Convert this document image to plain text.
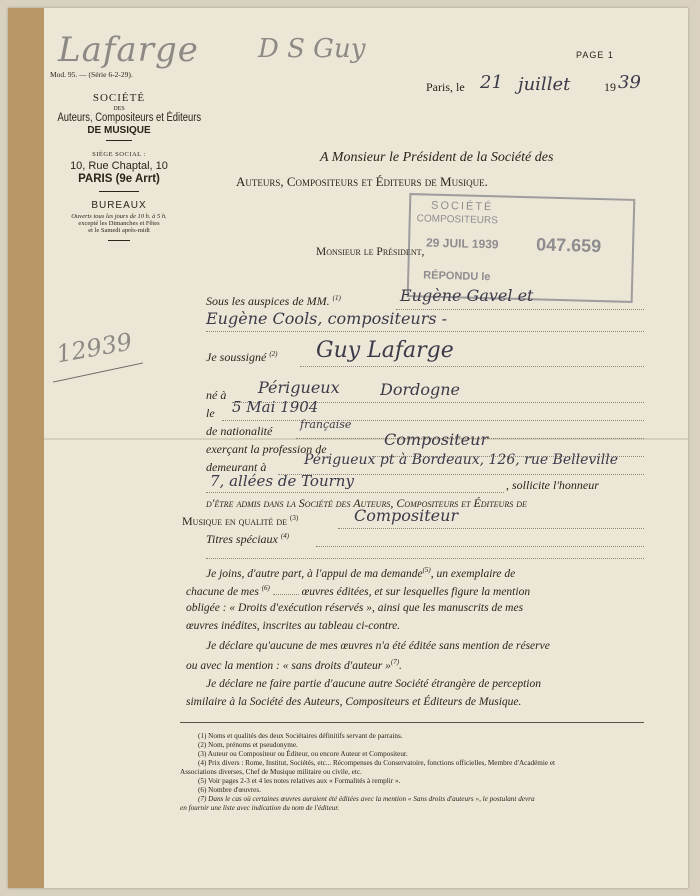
Lafarge D S Guy
12939
PAGE 1
Mod. 95. — (Série 6-2-29).
SOCIÉTÉ
DES
Auteurs, Compositeurs et Éditeurs
DE MUSIQUE
SIÈGE SOCIAL :
10, Rue Chaptal, 10
PARIS (9e Arrt)
BUREAUX
Ouverts tous les jours de 10 h. à 5 h.
excepté les Dimanches et Fêtes
et le Samedi après-midi
Paris, le 21 juillet	19 39
A Monsieur le Président de la Société des
Auteurs, Compositeurs et Éditeurs de Musique.
Monsieur le Président,
SOCIÉTÉ
COMPOSITEURS
29 JUIL 1939 047.659
RÉPONDU le
Sous les auspices de MM. $^{(1)}$	Eugène Gavel et
Eugène Cools, compositeurs -
Je soussigné $^{(2)}$ Guy Lafarge
né à Périgueux	Dordogne
le 5 Mai 1904
de nationalité	française
exerçant la profession de	Compositeur
demeurant à	Périgueux pt à Bordeaux, 126, rue Belleville
7, allées de Tourny	, sollicite l'honneur
d'être admis dans la Société des Auteurs, Compositeurs et Éditeurs de
Musique en qualité de $^{(3)}$	Compositeur
Titres spéciaux $^{(4)}$
Je joins, d'autre part, à l'appui de ma demande$^{(5)}$, un exemplaire de
chacune de mes $^{(6)}$	œuvres éditées, et sur lesquelles figure la mention
obligée : « Droits d'exécution réservés », ainsi que les manuscrits de mes
œuvres inédites, inscrites au tableau ci-contre.
Je déclare qu'aucune de mes œuvres n'a été éditée sans mention de réserve
ou avec la mention : « sans droits d'auteur »$^{(7)}$.
Je déclare ne faire partie d'aucune autre Société étrangère de perception
similaire à la Société des Auteurs, Compositeurs et Éditeurs de Musique.
(1) Noms et qualités des deux Sociétaires définitifs servant de parrains.
(2) Nom, prénoms et pseudonyme.
(3) Auteur ou Compositeur ou Éditeur, ou encore Auteur et Compositeur.
(4) Prix divers : Rome, Institut, Sociétés, etc... Récompenses du Conservatoire, fonctions officielles, Membre d'Académie et
Associations diverses, Chef de Musique militaire ou civile, etc.
(5) Voir pages 2-3 et 4 les notes relatives aux « Formalités à remplir ».
(6) Nombre d'œuvres.
(7) Dans le cas où certaines œuvres auraient été éditées avec la mention « Sans droits d'auteurs », le postulant devra
en fournir une liste avec indication du nom de l'éditeur.
